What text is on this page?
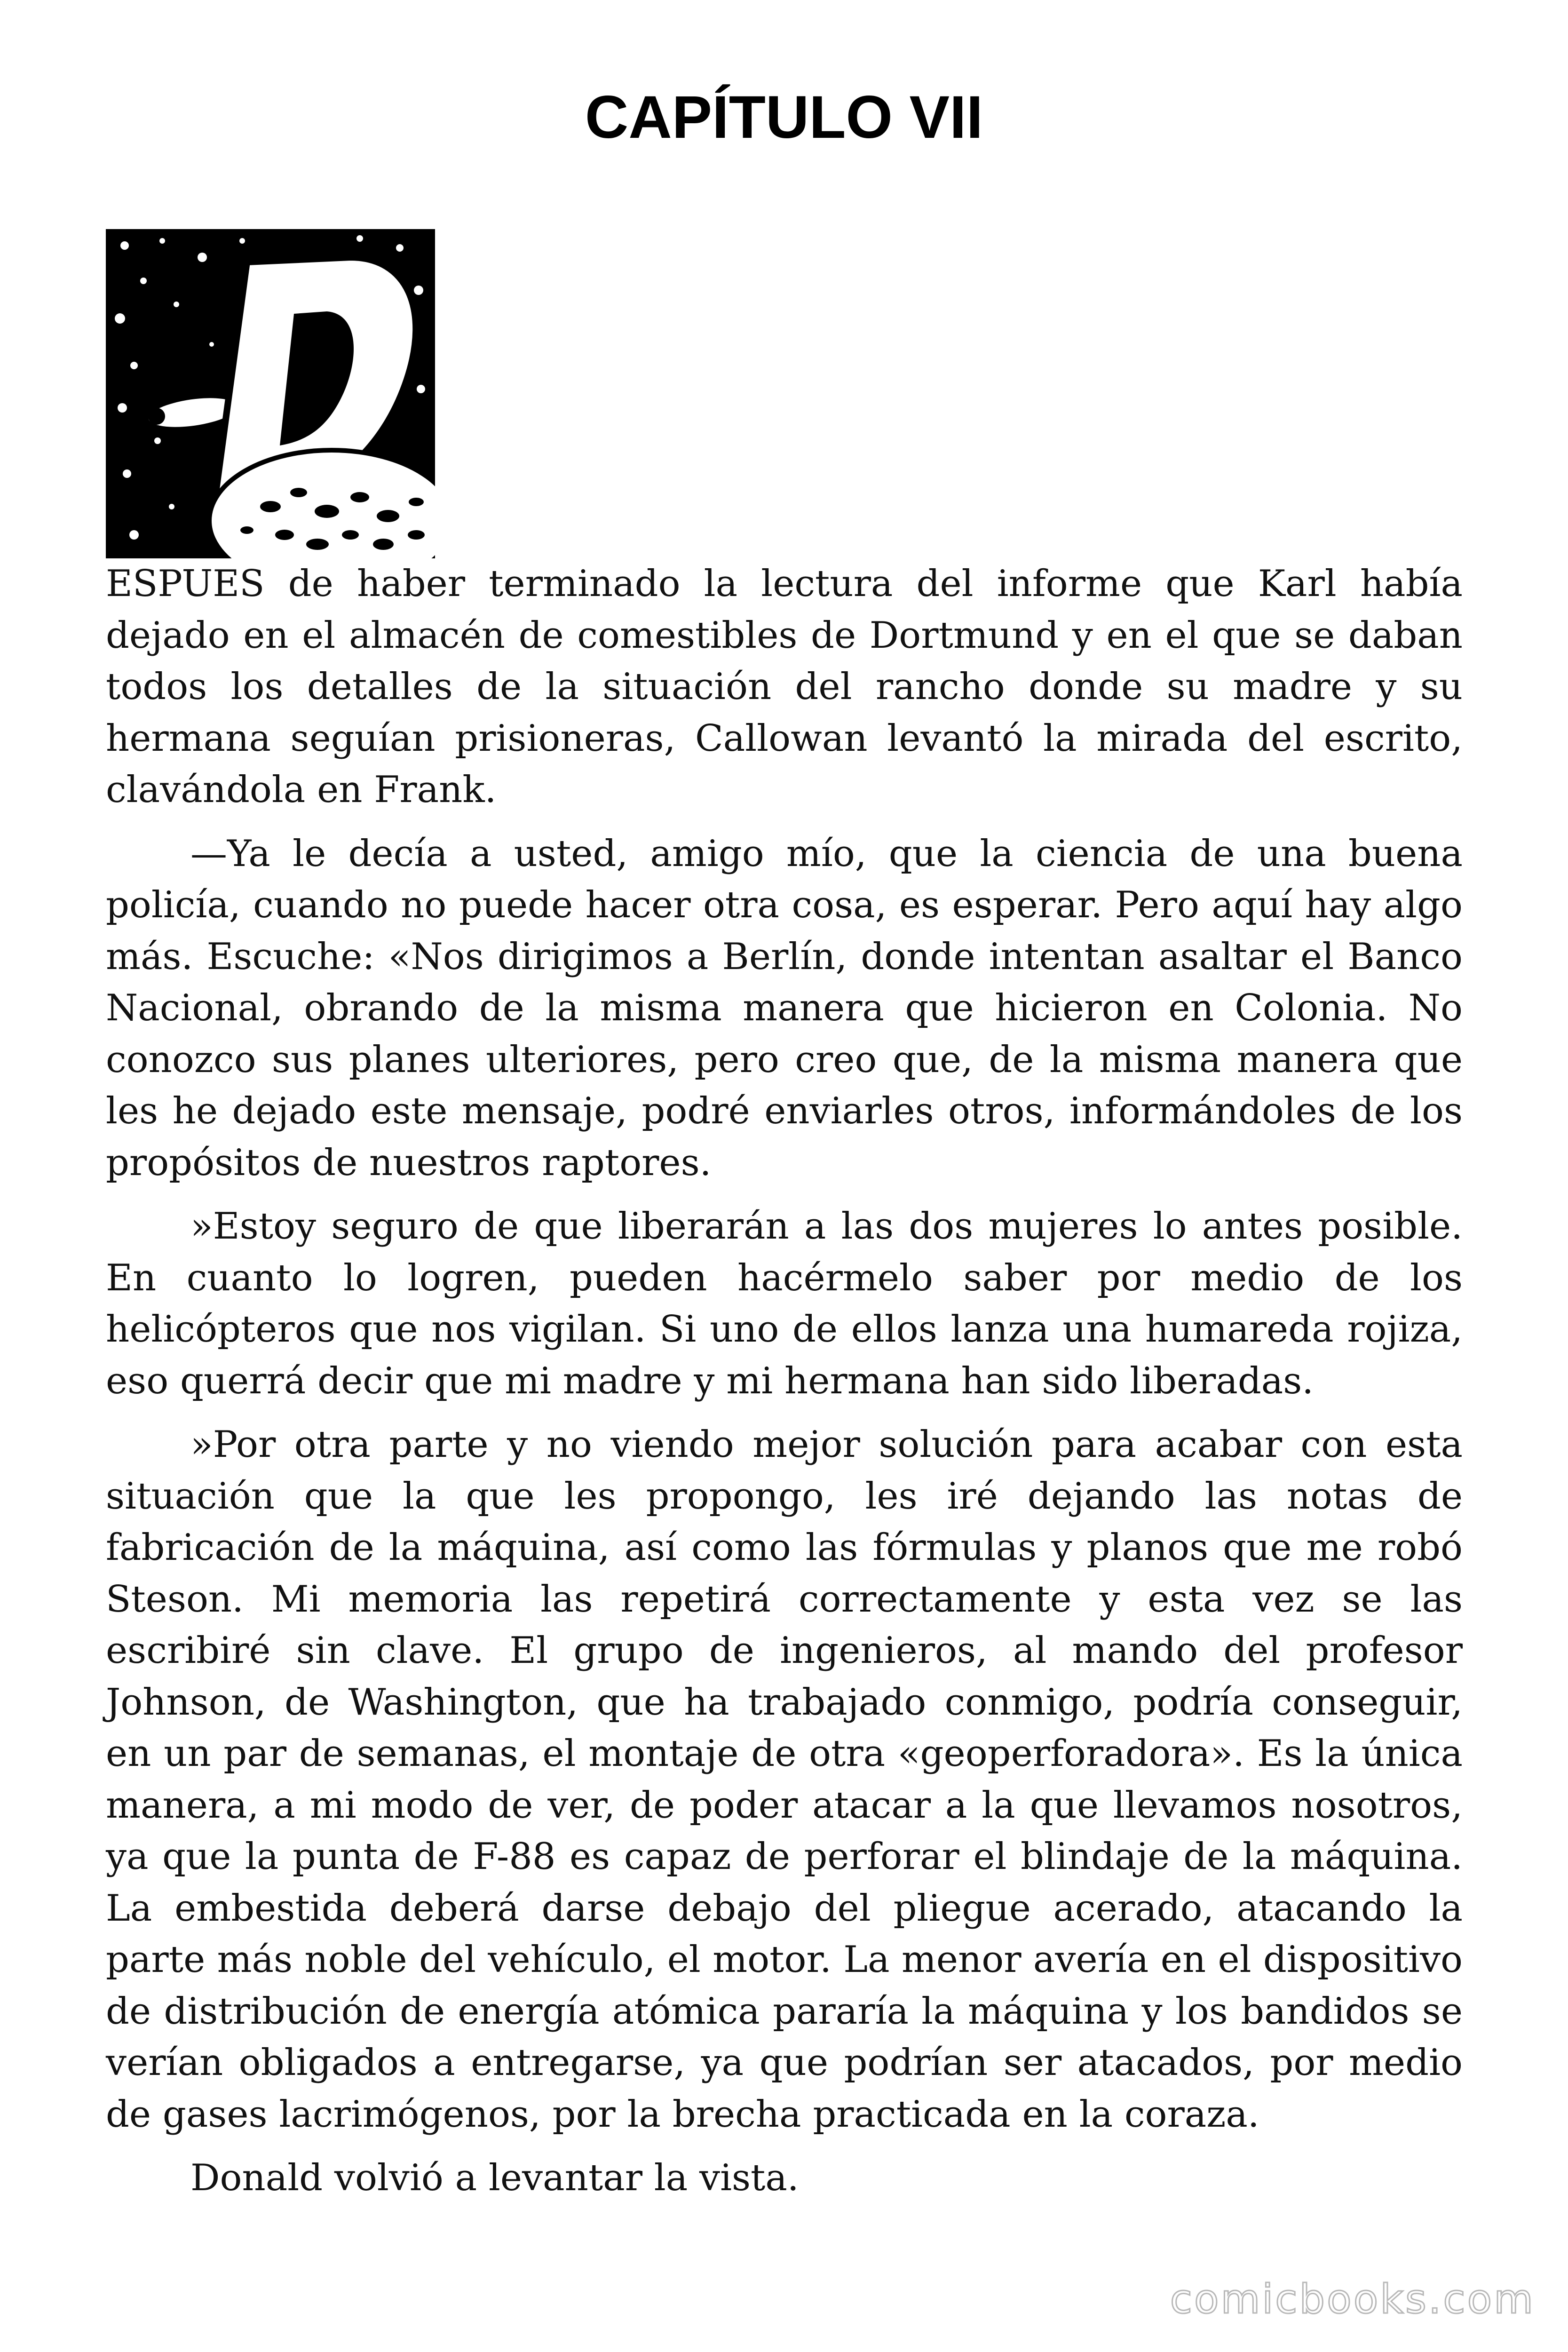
CAPÍTULO VII

ESPUES de haber terminado la lectura del informe que Karl había dejado en el almacén de comestibles de Dortmund y en el que se daban todos los detalles de la situación del rancho donde su madre y su hermana seguían prisioneras, Callowan levantó la mirada del escrito, clavándola en Frank.

—Ya le decía a usted, amigo mío, que la ciencia de una buena policía, cuando no puede hacer otra cosa, es esperar. Pero aquí hay algo más. Escuche: «Nos dirigimos a Berlín, donde intentan asaltar el Banco Nacional, obrando de la misma manera que hicieron en Colonia. No conozco sus planes ulteriores, pero creo que, de la misma manera que les he dejado este mensaje, podré enviarles otros, informándoles de los propósitos de nuestros raptores.

»Estoy seguro de que liberarán a las dos mujeres lo antes posible. En cuanto lo logren, pueden hacérmelo saber por medio de los helicópteros que nos vigilan. Si uno de ellos lanza una humareda rojiza, eso querrá decir que mi madre y mi hermana han sido liberadas.

»Por otra parte y no viendo mejor solución para acabar con esta situación que la que les propongo, les iré dejando las notas de fabricación de la máquina, así como las fórmulas y planos que me robó Steson. Mi memoria las repetirá correctamente y esta vez se las escribiré sin clave. El grupo de ingenieros, al mando del profesor Johnson, de Washington, que ha trabajado conmigo, podría conseguir, en un par de semanas, el montaje de otra «geoperforadora». Es la única manera, a mi modo de ver, de poder atacar a la que llevamos nosotros, ya que la punta de F-88 es capaz de perforar el blindaje de la máquina. La embestida deberá darse debajo del pliegue acerado, atacando la parte más noble del vehículo, el motor. La menor avería en el dispositivo de distribución de energía atómica pararía la máquina y los bandidos se verían obligados a entregarse, ya que podrían ser atacados, por medio de gases lacrimógenos, por la brecha practicada en la coraza.

Donald volvió a levantar la vista.

comicbooks.com
